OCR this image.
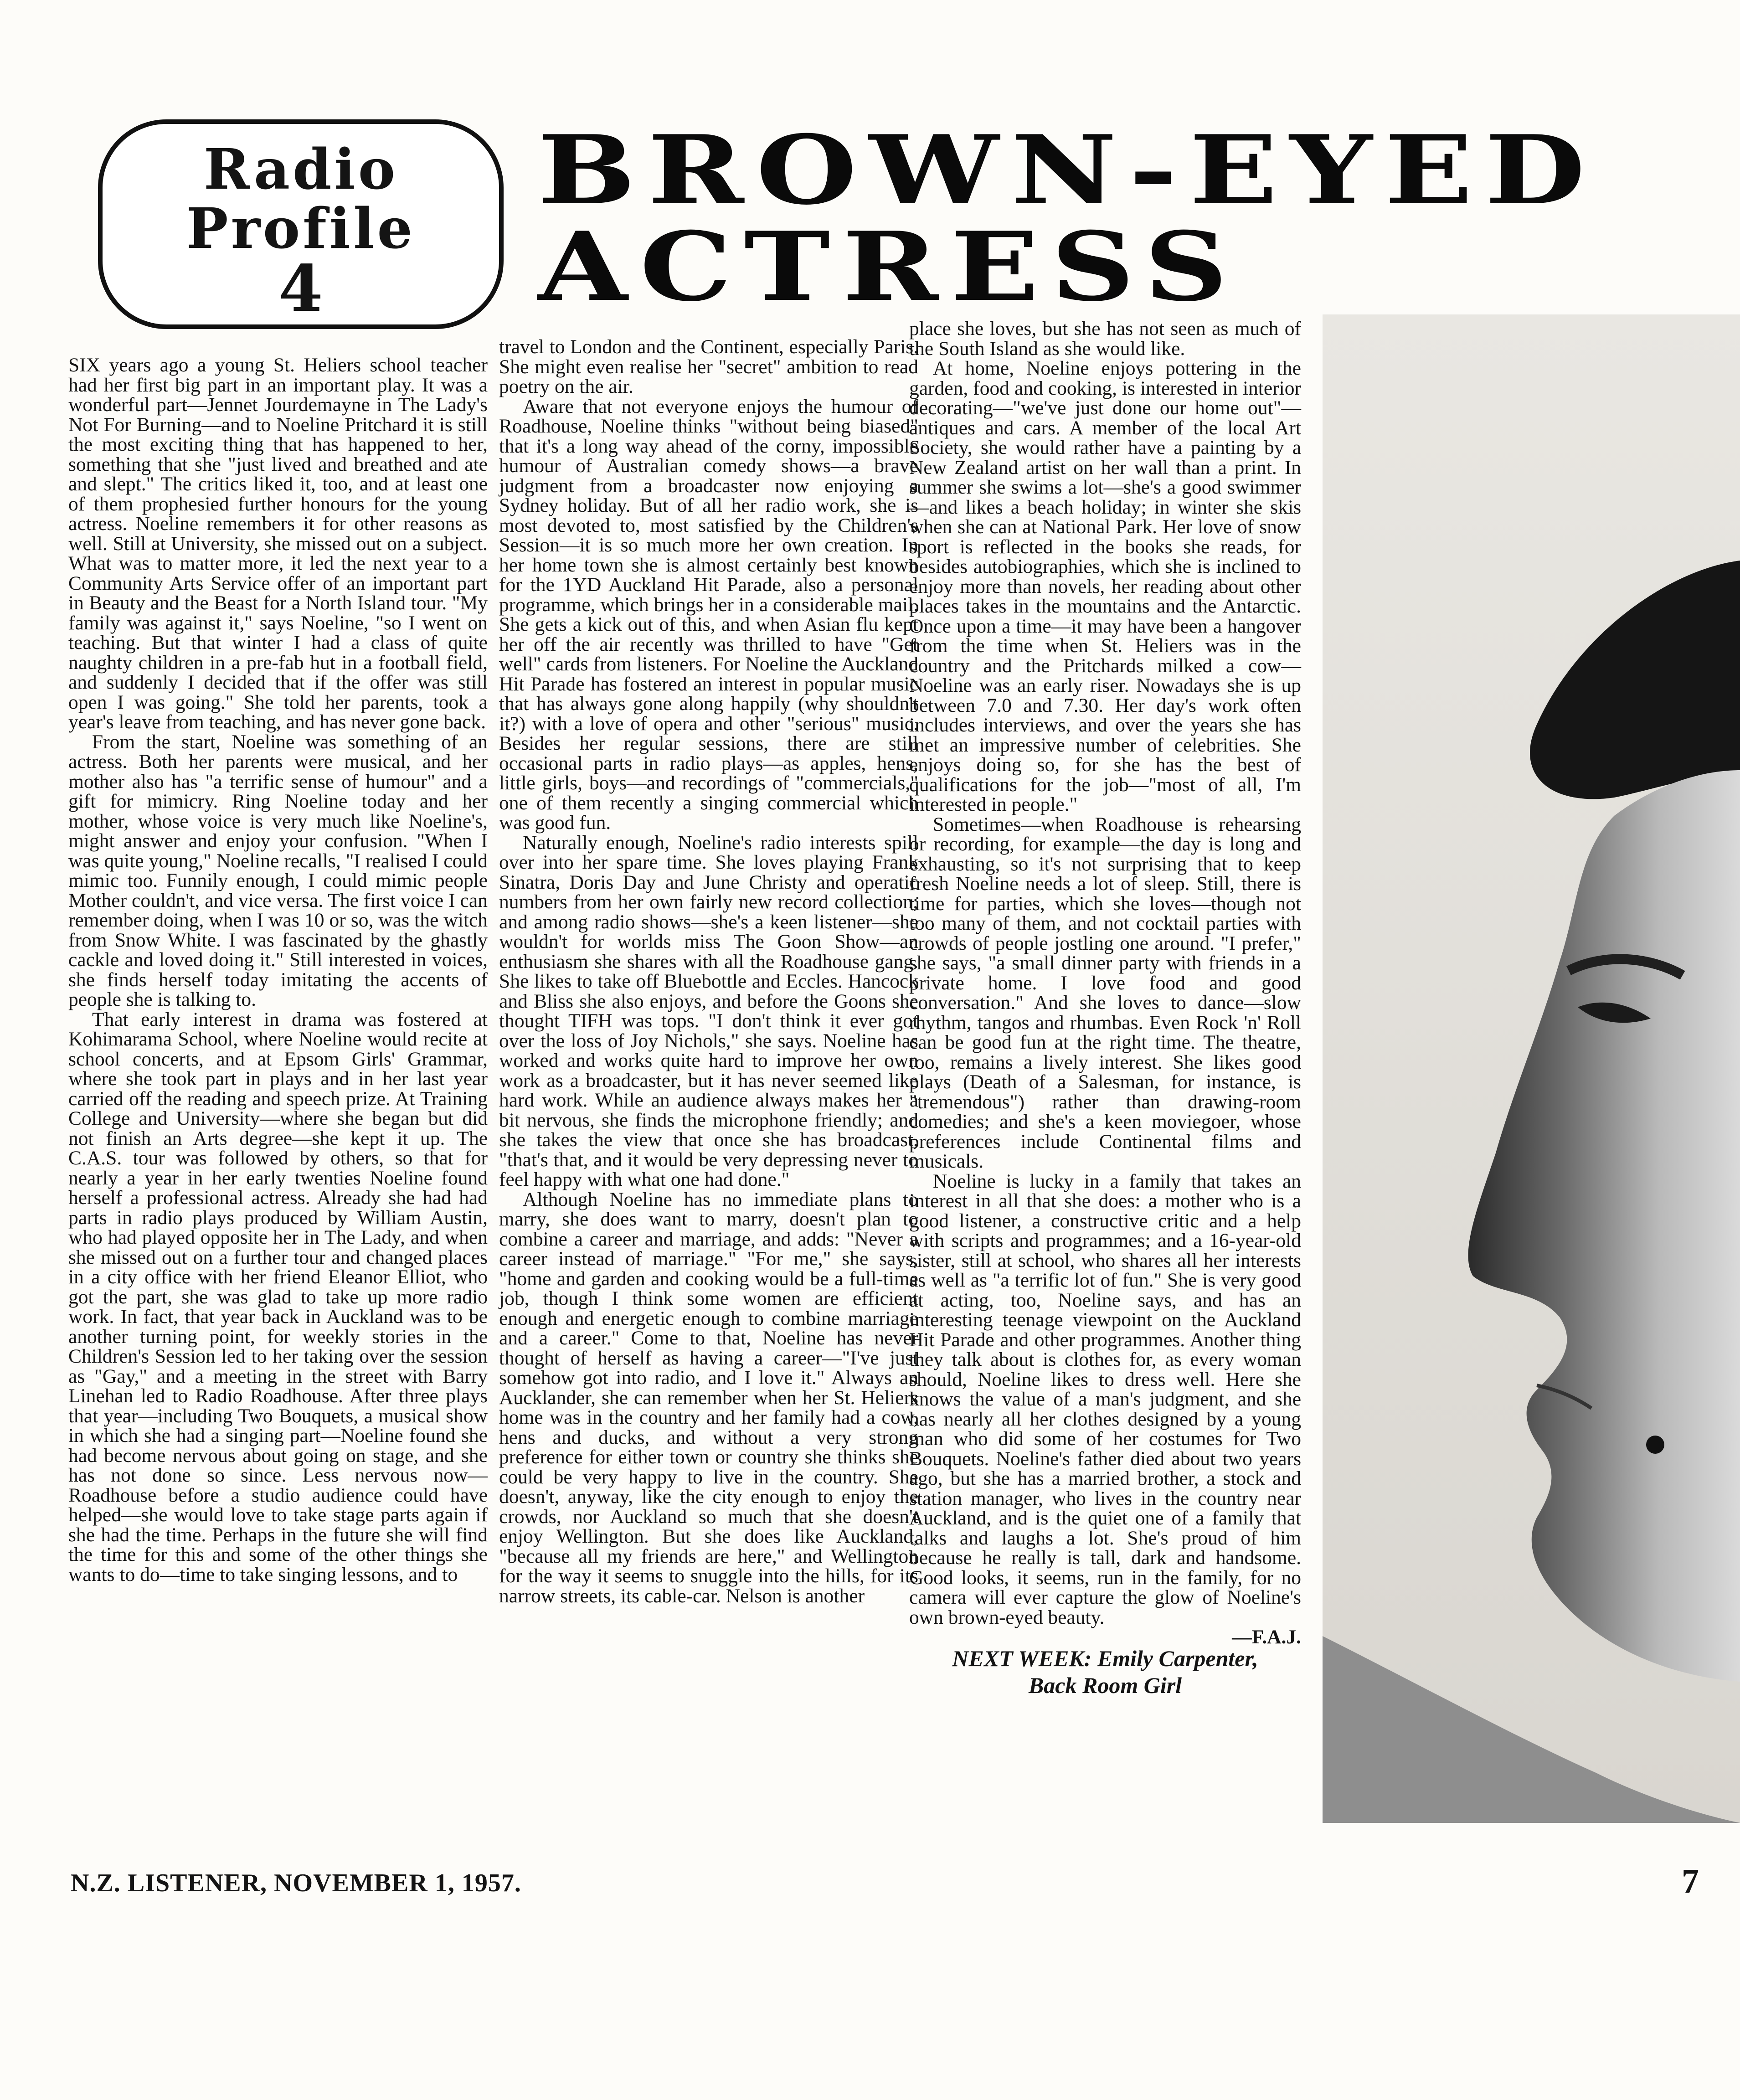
Radio
Profile
4
BROWN-EYED
ACTRESS

SIX years ago a young St. Heliers school teacher had her first big part in an important play. It was a wonderful part—Jennet Jourdemayne in The Lady's Not For Burning—and to Noeline Pritchard it is still the most exciting thing that has happened to her, something that she "just lived and breathed and ate and slept." The critics liked it, too, and at least one of them prophesied further honours for the young actress. Noeline remembers it for other reasons as well. Still at University, she missed out on a subject. What was to matter more, it led the next year to a Community Arts Service offer of an important part in Beauty and the Beast for a North Island tour. "My family was against it," says Noeline, "so I went on teaching. But that winter I had a class of quite naughty children in a pre-fab hut in a football field, and suddenly I decided that if the offer was still open I was going." She told her parents, took a year's leave from teaching, and has never gone back.

From the start, Noeline was something of an actress. Both her parents were musical, and her mother also has "a terrific sense of humour" and a gift for mimicry. Ring Noeline today and her mother, whose voice is very much like Noeline's, might answer and enjoy your confusion. "When I was quite young," Noeline recalls, "I realised I could mimic too. Funnily enough, I could mimic people Mother couldn't, and vice versa. The first voice I can remember doing, when I was 10 or so, was the witch from Snow White. I was fascinated by the ghastly cackle and loved doing it." Still interested in voices, she finds herself today imitating the accents of people she is talking to.

That early interest in drama was fostered at Kohimarama School, where Noeline would recite at school concerts, and at Epsom Girls' Grammar, where she took part in plays and in her last year carried off the reading and speech prize. At Training College and University—where she began but did not finish an Arts degree—she kept it up. The C.A.S. tour was followed by others, so that for nearly a year in her early twenties Noeline found herself a professional actress. Already she had had parts in radio plays produced by William Austin, who had played opposite her in The Lady, and when she missed out on a further tour and changed places in a city office with her friend Eleanor Elliot, who got the part, she was glad to take up more radio work. In fact, that year back in Auckland was to be another turning point, for weekly stories in the Children's Session led to her taking over the session as "Gay," and a meeting in the street with Barry Linehan led to Radio Roadhouse. After three plays that year—including Two Bouquets, a musical show in which she had a singing part—Noeline found she had become nervous about going on stage, and she has not done so since. Less nervous now—Roadhouse before a studio audience could have helped—she would love to take stage parts again if she had the time. Perhaps in the future she will find the time for this and some of the other things she wants to do—time to take singing lessons, and to

travel to London and the Continent, especially Paris. She might even realise her "secret" ambition to read poetry on the air.

Aware that not everyone enjoys the humour of Roadhouse, Noeline thinks "without being biased" that it's a long way ahead of the corny, impossible humour of Australian comedy shows—a brave judgment from a broadcaster now enjoying a Sydney holiday. But of all her radio work, she is most devoted to, most satisfied by the Children's Session—it is so much more her own creation. In her home town she is almost certainly best known for the 1YD Auckland Hit Parade, also a personal programme, which brings her in a considerable mail. She gets a kick out of this, and when Asian flu kept her off the air recently was thrilled to have "Get well" cards from listeners. For Noeline the Auckland Hit Parade has fostered an interest in popular music that has always gone along happily (why shouldn't it?) with a love of opera and other "serious" music. Besides her regular sessions, there are still occasional parts in radio plays—as apples, hens, little girls, boys—and recordings of "commercials," one of them recently a singing commercial which was good fun.

Naturally enough, Noeline's radio interests spill over into her spare time. She loves playing Frank Sinatra, Doris Day and June Christy and operatic numbers from her own fairly new record collection; and among radio shows—she's a keen listener—she wouldn't for worlds miss The Goon Show—an enthusiasm she shares with all the Roadhouse gang. She likes to take off Bluebottle and Eccles. Hancock and Bliss she also enjoys, and before the Goons she thought TIFH was tops. "I don't think it ever got over the loss of Joy Nichols," she says. Noeline has worked and works quite hard to improve her own work as a broadcaster, but it has never seemed like hard work. While an audience always makes her a bit nervous, she finds the microphone friendly; and she takes the view that once she has broadcast, "that's that, and it would be very depressing never to feel happy with what one had done."

Although Noeline has no immediate plans to marry, she does want to marry, doesn't plan to combine a career and marriage, and adds: "Never a career instead of marriage." "For me," she says, "home and garden and cooking would be a full-time job, though I think some women are efficient enough and energetic enough to combine marriage and a career." Come to that, Noeline has never thought of herself as having a career—"I've just somehow got into radio, and I love it." Always an Aucklander, she can remember when her St. Heliers home was in the country and her family had a cow, hens and ducks, and without a very strong preference for either town or country she thinks she could be very happy to live in the country. She doesn't, anyway, like the city enough to enjoy the crowds, nor Auckland so much that she doesn't enjoy Wellington. But she does like Auckland, "because all my friends are here," and Wellington for the way it seems to snuggle into the hills, for its narrow streets, its cable-car. Nelson is another

place she loves, but she has not seen as much of the South Island as she would like.

At home, Noeline enjoys pottering in the garden, food and cooking, is interested in interior decorating—"we've just done our home out"—antiques and cars. A member of the local Art Society, she would rather have a painting by a New Zealand artist on her wall than a print. In summer she swims a lot—she's a good swimmer—and likes a beach holiday; in winter she skis when she can at National Park. Her love of snow sport is reflected in the books she reads, for besides autobiographies, which she is inclined to enjoy more than novels, her reading about other places takes in the mountains and the Antarctic. Once upon a time—it may have been a hangover from the time when St. Heliers was in the country and the Pritchards milked a cow—Noeline was an early riser. Nowadays she is up between 7.0 and 7.30. Her day's work often includes interviews, and over the years she has met an impressive number of celebrities. She enjoys doing so, for she has the best of qualifications for the job—"most of all, I'm interested in people."

Sometimes—when Roadhouse is rehearsing or recording, for example—the day is long and exhausting, so it's not surprising that to keep fresh Noeline needs a lot of sleep. Still, there is time for parties, which she loves—though not too many of them, and not cocktail parties with crowds of people jostling one around. "I prefer," she says, "a small dinner party with friends in a private home. I love food and good conversation." And she loves to dance—slow rhythm, tangos and rhumbas. Even Rock 'n' Roll can be good fun at the right time. The theatre, too, remains a lively interest. She likes good plays (Death of a Salesman, for instance, is "tremendous") rather than drawing-room comedies; and she's a keen moviegoer, whose preferences include Continental films and musicals.

Noeline is lucky in a family that takes an interest in all that she does: a mother who is a good listener, a constructive critic and a help with scripts and programmes; and a 16-year-old sister, still at school, who shares all her interests as well as "a terrific lot of fun." She is very good at acting, too, Noeline says, and has an interesting teenage viewpoint on the Auckland Hit Parade and other programmes. Another thing they talk about is clothes for, as every woman should, Noeline likes to dress well. Here she knows the value of a man's judgment, and she has nearly all her clothes designed by a young man who did some of her costumes for Two Bouquets. Noeline's father died about two years ago, but she has a married brother, a stock and station manager, who lives in the country near Auckland, and is the quiet one of a family that talks and laughs a lot. She's proud of him because he really is tall, dark and handsome. Good looks, it seems, run in the family, for no camera will ever capture the glow of Noeline's own brown-eyed beauty.

—F.A.J.

NEXT WEEK: Emily Carpenter,
Back Room Girl
N.Z. LISTENER, NOVEMBER 1, 1957.	7
